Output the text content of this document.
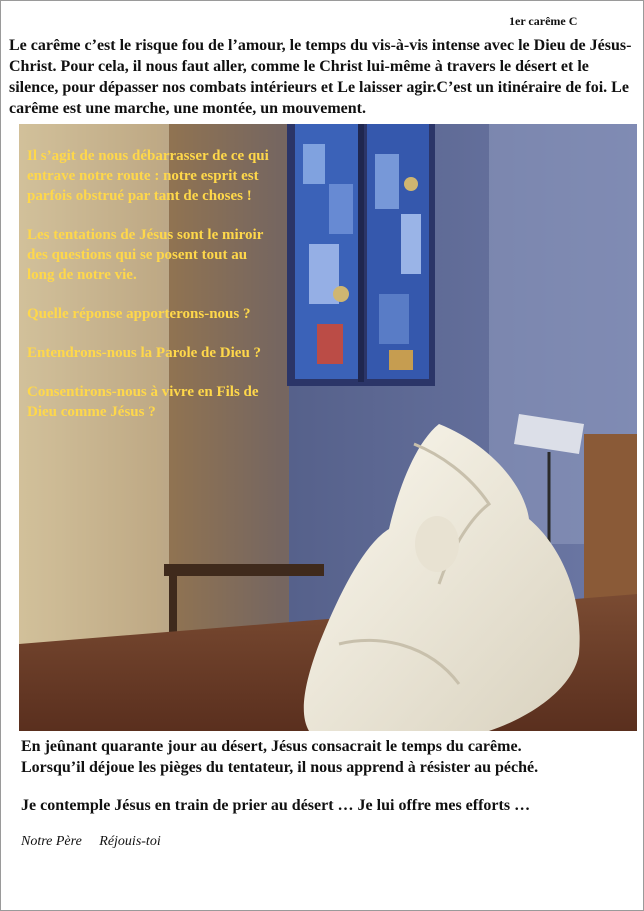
1er carême C

Le carême c’est le risque fou de l’amour, le temps du vis-à-vis intense avec le Dieu de Jésus-Christ. Pour cela, il nous faut aller, comme le Christ lui-même à travers le désert et le silence, pour dépasser nos combats intérieurs et Le laisser agir.C’est un itinéraire de foi. Le carême est une marche, une montée, un mouvement.

Il s’agit de nous débarrasser de ce qui entrave notre route : notre esprit est parfois obstrué par tant de choses !

Les tentations de Jésus sont le miroir des questions qui se posent tout au long de notre vie.

Quelle réponse apporterons-nous ?

Entendrons-nous la Parole de Dieu ?

Consentirons-nous à vivre en Fils de Dieu comme Jésus ?

En jeûnant quarante jour au désert, Jésus consacrait le temps du carême.

Lorsqu’il déjoue les pièges du tentateur, il nous apprend à résister au péché.

Je contemple Jésus en train de prier au désert … Je lui offre mes efforts …

Notre Père Réjouis-toi
